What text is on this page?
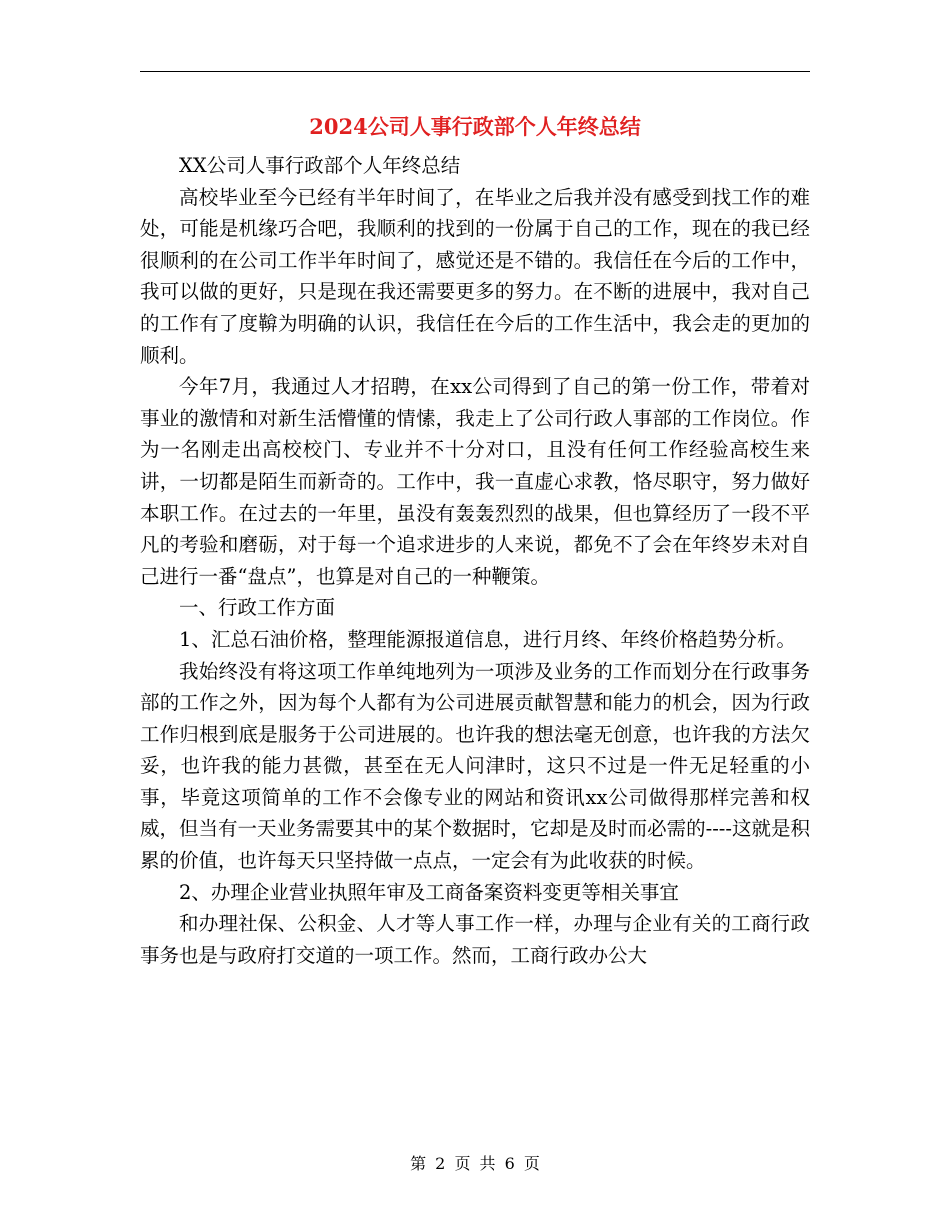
2024公司人事行政部个人年终总结

XX公司人事行政部个人年终总结

高校毕业至今已经有半年时间了，在毕业之后我并没有感受到找工作的难处，可能是机缘巧合吧，我顺利的找到的一份属于自己的工作，现在的我已经很顺利的在公司工作半年时间了，感觉还是不错的。我信任在今后的工作中，我可以做的更好，只是现在我还需要更多的努力。在不断的进展中，我对自己的工作有了度鞥为明确的认识，我信任在今后的工作生活中，我会走的更加的顺利。

今年7月，我通过人才招聘，在xx公司得到了自己的第一份工作，带着对事业的激情和对新生活懵懂的情愫，我走上了公司行政人事部的工作岗位。作为一名刚走出高校校门、专业并不十分对口，且没有任何工作经验高校生来讲，一切都是陌生而新奇的。工作中，我一直虚心求教，恪尽职守，努力做好本职工作。在过去的一年里，虽没有轰轰烈烈的战果，但也算经历了一段不平凡的考验和磨砺，对于每一个追求进步的人来说，都免不了会在年终岁未对自己进行一番“盘点”，也算是对自己的一种鞭策。

一、行政工作方面

1、汇总石油价格，整理能源报道信息，进行月终、年终价格趋势分析。

我始终没有将这项工作单纯地列为一项涉及业务的工作而划分在行政事务部的工作之外，因为每个人都有为公司进展贡献智慧和能力的机会，因为行政工作归根到底是服务于公司进展的。也许我的想法毫无创意，也许我的方法欠妥，也许我的能力甚微，甚至在无人问津时，这只不过是一件无足轻重的小事，毕竟这项简单的工作不会像专业的网站和资讯xx公司做得那样完善和权威，但当有一天业务需要其中的某个数据时，它却是及时而必需的----这就是积累的价值，也许每天只坚持做一点点，一定会有为此收获的时候。

2、办理企业营业执照年审及工商备案资料变更等相关事宜

和办理社保、公积金、人才等人事工作一样，办理与企业有关的工商行政事务也是与政府打交道的一项工作。然而，工商行政办公大

第 2 页 共 6 页
